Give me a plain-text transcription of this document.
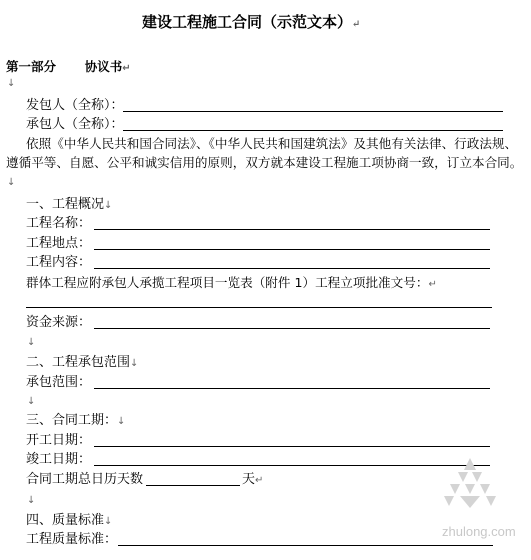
建设工程施工合同（示范文本）↵
第一部分 协议书↵
↓
发包人（全称）：
承包人（全称）：
依照《中华人民共和国合同法》、《中华人民共和国建筑法》及其他有关法律、行政法规、
遵循平等、自愿、公平和诚实信用的原则，双方就本建设工程施工项协商一致，订立本合同。
↓
一、工程概况↓
工程名称：
工程地点：
工程内容：
群体工程应附承包人承揽工程项目一览表（附件 1）工程立项批准文号：↵
资金来源：
↓
二、工程承包范围↓
承包范围：
↓
三、合同工期：↓
开工日期：
竣工日期：
合同工期总日历天数	天↵
↓
四、质量标准↓
工程质量标准：
zhulong.com
